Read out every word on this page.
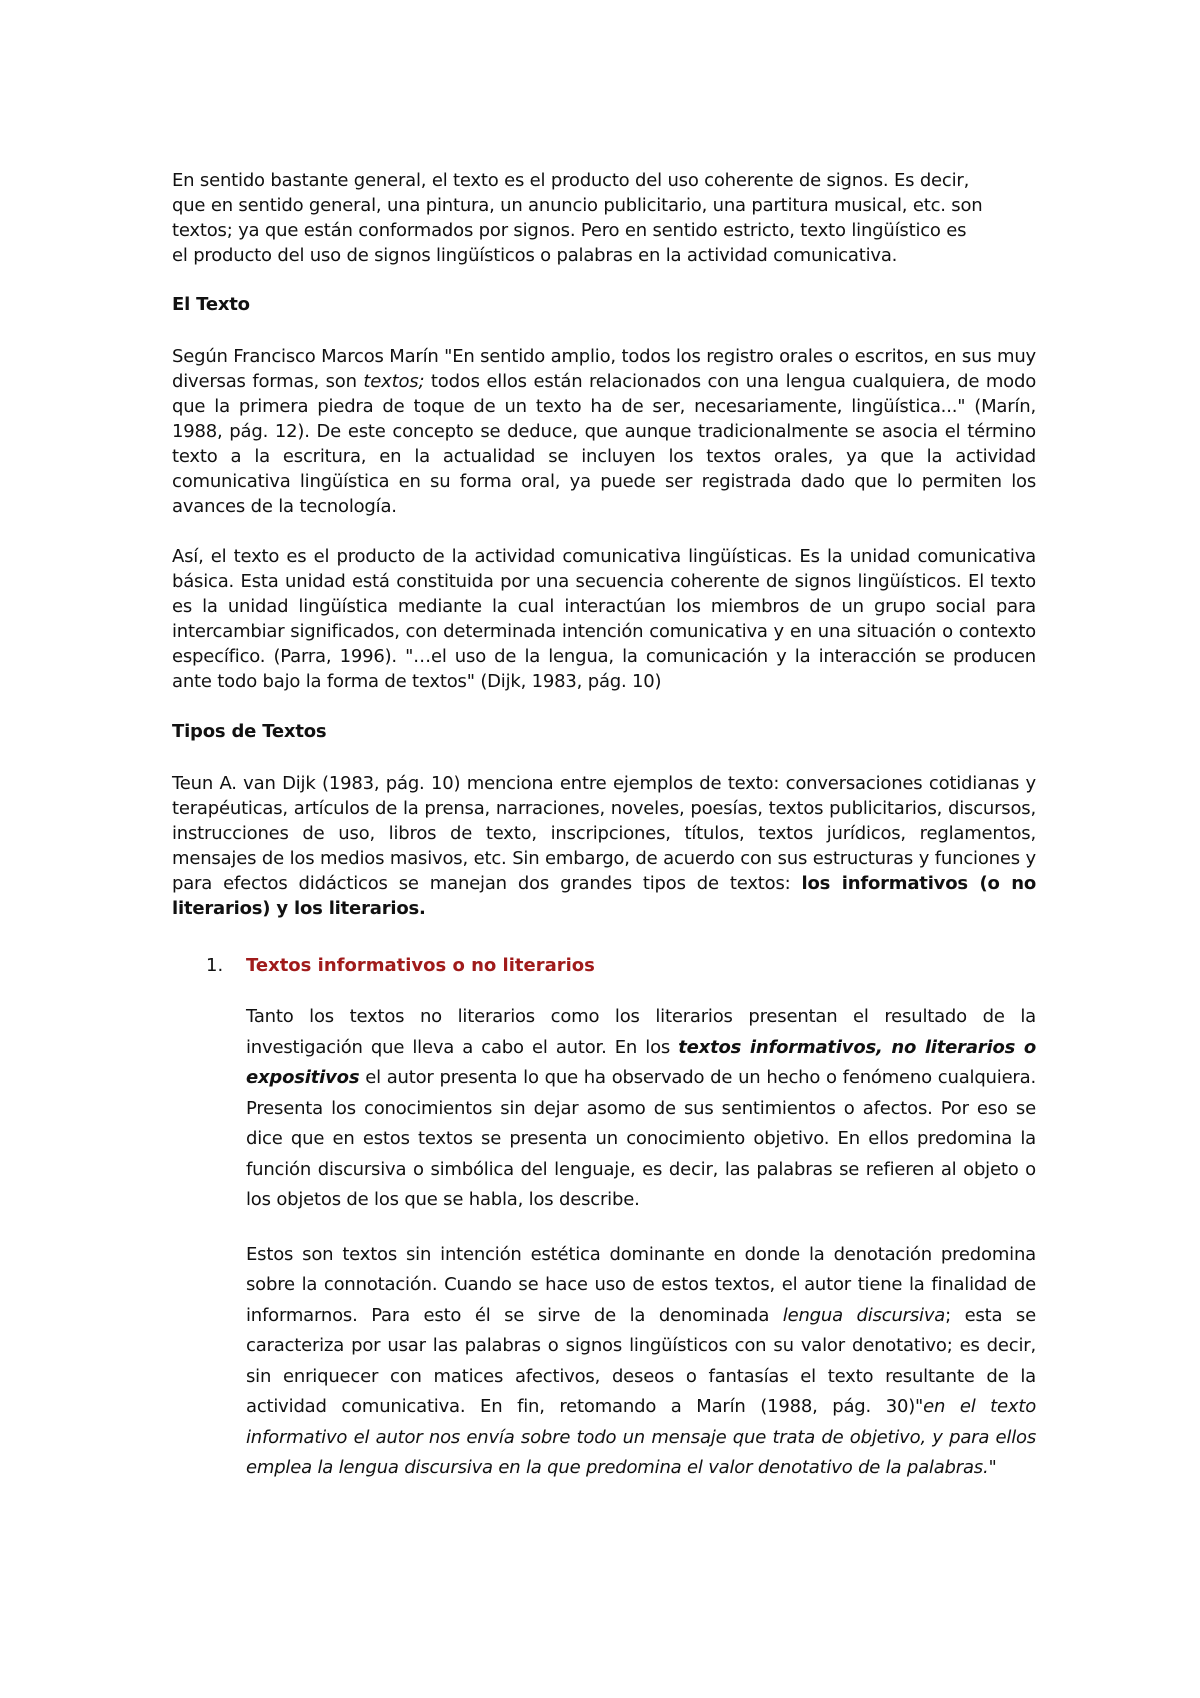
En sentido bastante general, el texto es el producto del uso coherente de signos. Es decir,
que en sentido general, una pintura, un anuncio publicitario, una partitura musical, etc. son
textos; ya que están conformados por signos. Pero en sentido estricto, texto lingüístico es
el producto del uso de signos lingüísticos o palabras en la actividad comunicativa.

El Texto

Según Francisco Marcos Marín "En sentido amplio, todos los registro orales o escritos, en sus muy diversas formas, son textos; todos ellos están relacionados con una lengua cualquiera, de modo que la primera piedra de toque de un texto ha de ser, necesariamente, lingüística..." (Marín, 1988, pág. 12). De este concepto se deduce, que aunque tradicionalmente se asocia el término texto a la escritura, en la actualidad se incluyen los textos orales, ya que la actividad comunicativa lingüística en su forma oral, ya puede ser registrada dado que lo permiten los avances de la tecnología.

Así, el texto es el producto de la actividad comunicativa lingüísticas. Es la unidad comunicativa básica. Esta unidad está constituida por una secuencia coherente de signos lingüísticos. El texto es la unidad lingüística mediante la cual interactúan los miembros de un grupo social para intercambiar significados, con determinada intención comunicativa y en una situación o contexto específico. (Parra, 1996). "…el uso de la lengua, la comunicación y la interacción se producen ante todo bajo la forma de textos" (Dijk, 1983, pág. 10)

Tipos de Textos

Teun A. van Dijk (1983, pág. 10) menciona entre ejemplos de texto: conversaciones cotidianas y terapéuticas, artículos de la prensa, narraciones, noveles, poesías, textos publicitarios, discursos, instrucciones de uso, libros de texto, inscripciones, títulos, textos jurídicos, reglamentos, mensajes de los medios masivos, etc. Sin embargo, de acuerdo con sus estructuras y funciones y para efectos didácticos se manejan dos grandes tipos de textos: los informativos (o no literarios) y los literarios.

1. Textos informativos o no literarios

Tanto los textos no literarios como los literarios presentan el resultado de la investigación que lleva a cabo el autor. En los textos informativos, no literarios o expositivos el autor presenta lo que ha observado de un hecho o fenómeno cualquiera. Presenta los conocimientos sin dejar asomo de sus sentimientos o afectos. Por eso se dice que en estos textos se presenta un conocimiento objetivo. En ellos predomina la función discursiva o simbólica del lenguaje, es decir, las palabras se refieren al objeto o los objetos de los que se habla, los describe.

Estos son textos sin intención estética dominante en donde la denotación predomina sobre la connotación. Cuando se hace uso de estos textos, el autor tiene la finalidad de informarnos. Para esto él se sirve de la denominada lengua discursiva; esta se caracteriza por usar las palabras o signos lingüísticos con su valor denotativo; es decir, sin enriquecer con matices afectivos, deseos o fantasías el texto resultante de la actividad comunicativa. En fin, retomando a Marín (1988, pág. 30)"en el texto informativo el autor nos envía sobre todo un mensaje que trata de objetivo, y para ellos emplea la lengua discursiva en la que predomina el valor denotativo de la palabras."
